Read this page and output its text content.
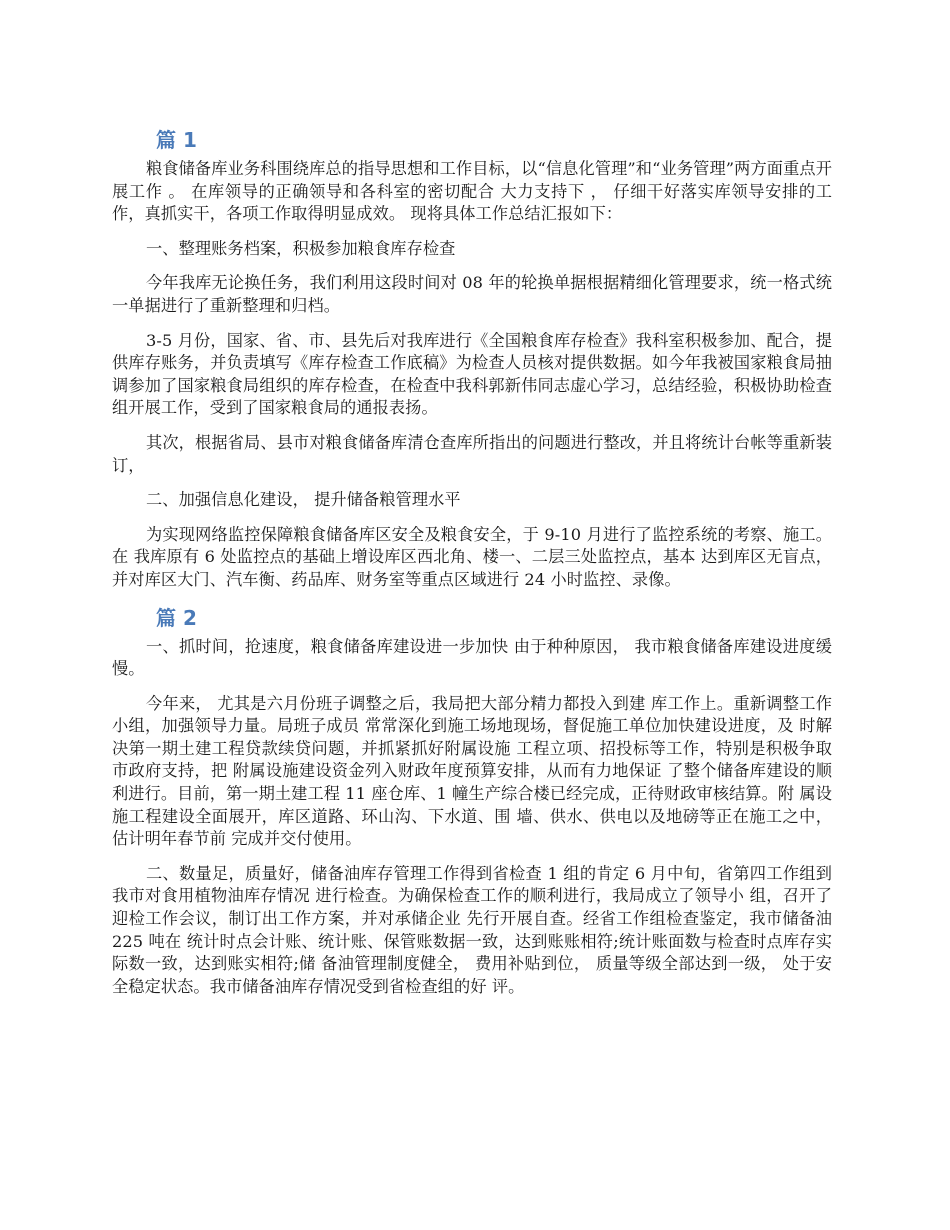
篇 1

粮食储备库业务科围绕库总的指导思想和工作目标，以“信息化管理”和“业务管理”两方面重点开展工作 。 在库领导的正确领导和各科室的密切配合 大力支持下 ， 仔细干好落实库领导安排的工作，真抓实干，各项工作取得明显成效。 现将具体工作总结汇报如下：

一、整理账务档案，积极参加粮食库存检查

今年我库无论换任务，我们利用这段时间对 08 年的轮换单据根据精细化管理要求，统一格式统一单据进行了重新整理和归档。

3-5 月份，国家、省、市、县先后对我库进行《全国粮食库存检查》我科室积极参加、配合，提供库存账务，并负责填写《库存检查工作底稿》为检查人员核对提供数据。如今年我被国家粮食局抽调参加了国家粮食局组织的库存检查，在检查中我科郭新伟同志虚心学习，总结经验，积极协助检查组开展工作，受到了国家粮食局的通报表扬。

其次，根据省局、县市对粮食储备库清仓查库所指出的问题进行整改，并且将统计台帐等重新装订，

二、加强信息化建设， 提升储备粮管理水平

为实现网络监控保障粮食储备库区安全及粮食安全，于 9-10 月进行了监控系统的考察、施工。在 我库原有 6 处监控点的基础上增设库区西北角、楼一、二层三处监控点，基本 达到库区无盲点，并对库区大门、汽车衡、药品库、财务室等重点区域进行 24 小时监控、录像。

篇 2

一、抓时间，抢速度，粮食储备库建设进一步加快 由于种种原因， 我市粮食储备库建设进度缓慢。

今年来， 尤其是六月份班子调整之后，我局把大部分精力都投入到建 库工作上。重新调整工作小组，加强领导力量。局班子成员 常常深化到施工场地现场，督促施工单位加快建设进度，及 时解决第一期土建工程贷款续贷问题，并抓紧抓好附属设施 工程立项、招投标等工作，特别是积极争取市政府支持，把 附属设施建设资金列入财政年度预算安排，从而有力地保证 了整个储备库建设的顺利进行。目前，第一期土建工程 11 座仓库、1 幢生产综合楼已经完成，正待财政审核结算。附 属设施工程建设全面展开，库区道路、环山沟、下水道、围 墙、供水、供电以及地磅等正在施工之中，估计明年春节前 完成并交付使用。

二、数量足，质量好，储备油库存管理工作得到省检查 1 组的肯定 6 月中旬，省第四工作组到我市对食用植物油库存情况 进行检查。为确保检查工作的顺利进行，我局成立了领导小 组，召开了迎检工作会议，制订出工作方案，并对承储企业 先行开展自查。经省工作组检查鉴定，我市储备油 225 吨在 统计时点会计账、统计账、保管账数据一致，达到账账相符;统计账面数与检查时点库存实际数一致，达到账实相符;储 备油管理制度健全， 费用补贴到位， 质量等级全部达到一级， 处于安全稳定状态。我市储备油库存情况受到省检查组的好 评。
